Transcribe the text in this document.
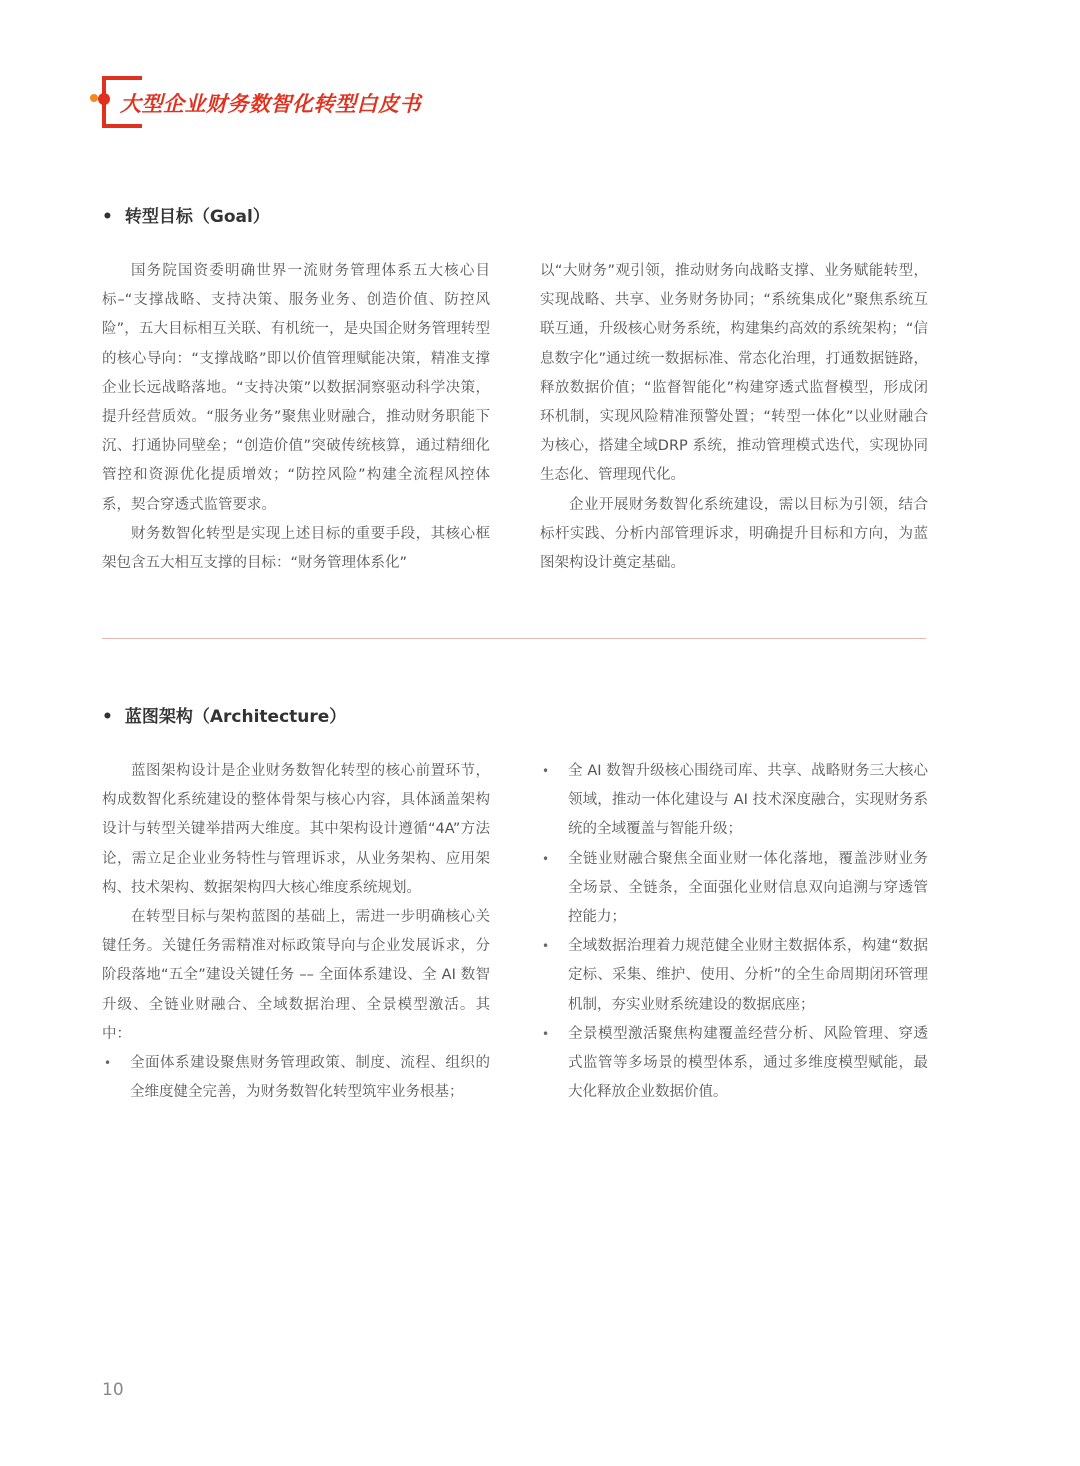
大型企业财务数智化转型白皮书
• 转型目标（Goal）

国务院国资委明确世界一流财务管理体系五大核心目标–“支撑战略、支持决策、服务业务、创造价值、防控风险”，五大目标相互关联、有机统一，是央国企财务管理转型的核心导向：“支撑战略”即以价值管理赋能决策，精准支撑企业长远战略落地。“支持决策”以数据洞察驱动科学决策，提升经营质效。“服务业务”聚焦业财融合，推动财务职能下沉、打通协同壁垒；“创造价值”突破传统核算，通过精细化管控和资源优化提质增效；“防控风险”构建全流程风控体系，契合穿透式监管要求。

财务数智化转型是实现上述目标的重要手段，其核心框架包含五大相互支撑的目标：“财务管理体系化”

以“大财务”观引领，推动财务向战略支撑、业务赋能转型，实现战略、共享、业务财务协同；“系统集成化”聚焦系统互联互通，升级核心财务系统，构建集约高效的系统架构；“信息数字化”通过统一数据标准、常态化治理，打通数据链路，释放数据价值；“监督智能化”构建穿透式监督模型，形成闭环机制，实现风险精准预警处置；“转型一体化”以业财融合为核心，搭建全域DRP 系统，推动管理模式迭代，实现协同生态化、管理现代化。

企业开展财务数智化系统建设，需以目标为引领，结合标杆实践、分析内部管理诉求，明确提升目标和方向，为蓝图架构设计奠定基础。

• 蓝图架构（Architecture）

蓝图架构设计是企业财务数智化转型的核心前置环节，构成数智化系统建设的整体骨架与核心内容，具体涵盖架构设计与转型关键举措两大维度。其中架构设计遵循“4A”方法论，需立足企业业务特性与管理诉求，从业务架构、应用架构、技术架构、数据架构四大核心维度系统规划。

在转型目标与架构蓝图的基础上，需进一步明确核心关键任务。关键任务需精准对标政策导向与企业发展诉求，分阶段落地“五全”建设关键任务 –– 全面体系建设、全 AI 数智升级、全链业财融合、全域数据治理、全景模型激活。其中：

• 全面体系建设聚焦财务管理政策、制度、流程、组织的全维度健全完善，为财务数智化转型筑牢业务根基；
• 全 AI 数智升级核心围绕司库、共享、战略财务三大核心领域，推动一体化建设与 AI 技术深度融合，实现财务系统的全域覆盖与智能升级；
• 全链业财融合聚焦全面业财一体化落地，覆盖涉财业务全场景、全链条，全面强化业财信息双向追溯与穿透管控能力；
• 全域数据治理着力规范健全业财主数据体系，构建“数据定标、采集、维护、使用、分析”的全生命周期闭环管理机制，夯实业财系统建设的数据底座；
• 全景模型激活聚焦构建覆盖经营分析、风险管理、穿透式监管等多场景的模型体系，通过多维度模型赋能，最大化释放企业数据价值。
10
